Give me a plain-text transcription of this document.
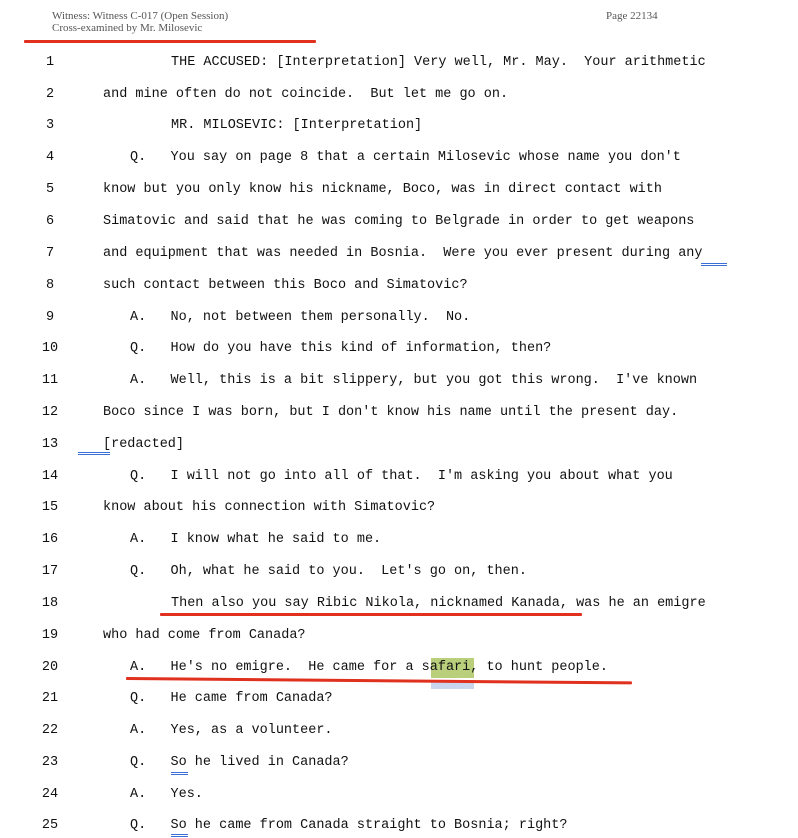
Witness: Witness C-017 (Open Session)
Cross-examined by Mr. Milosevic
Page 22134
1	THE ACCUSED: [Interpretation] Very well, Mr. May.  Your arithmetic
2	and mine often do not coincide.  But let me go on.
3	MR. MILOSEVIC: [Interpretation]
4	Q.   You say on page 8 that a certain Milosevic whose name you don't
5	know but you only know his nickname, Boco, was in direct contact with
6	Simatovic and said that he was coming to Belgrade in order to get weapons
7	and equipment that was needed in Bosnia.  Were you ever present during any
8	such contact between this Boco and Simatovic?
9	A.   No, not between them personally.  No.
10	Q.   How do you have this kind of information, then?
11	A.   Well, this is a bit slippery, but you got this wrong.  I've known
12	Boco since I was born, but I don't know his name until the present day.
13	[redacted]
14	Q.   I will not go into all of that.  I'm asking you about what you
15	know about his connection with Simatovic?
16	A.   I know what he said to me.
17	Q.   Oh, what he said to you.  Let's go on, then.
18	Then also you say Ribic Nikola, nicknamed Kanada, was he an emigre
19	who had come from Canada?
20	A.   He's no emigre.  He came for a safari, to hunt people.
21	Q.   He came from Canada?
22	A.   Yes, as a volunteer.
23	Q.   So he lived in Canada?
24	A.   Yes.
25	Q.   So he came from Canada straight to Bosnia; right?
